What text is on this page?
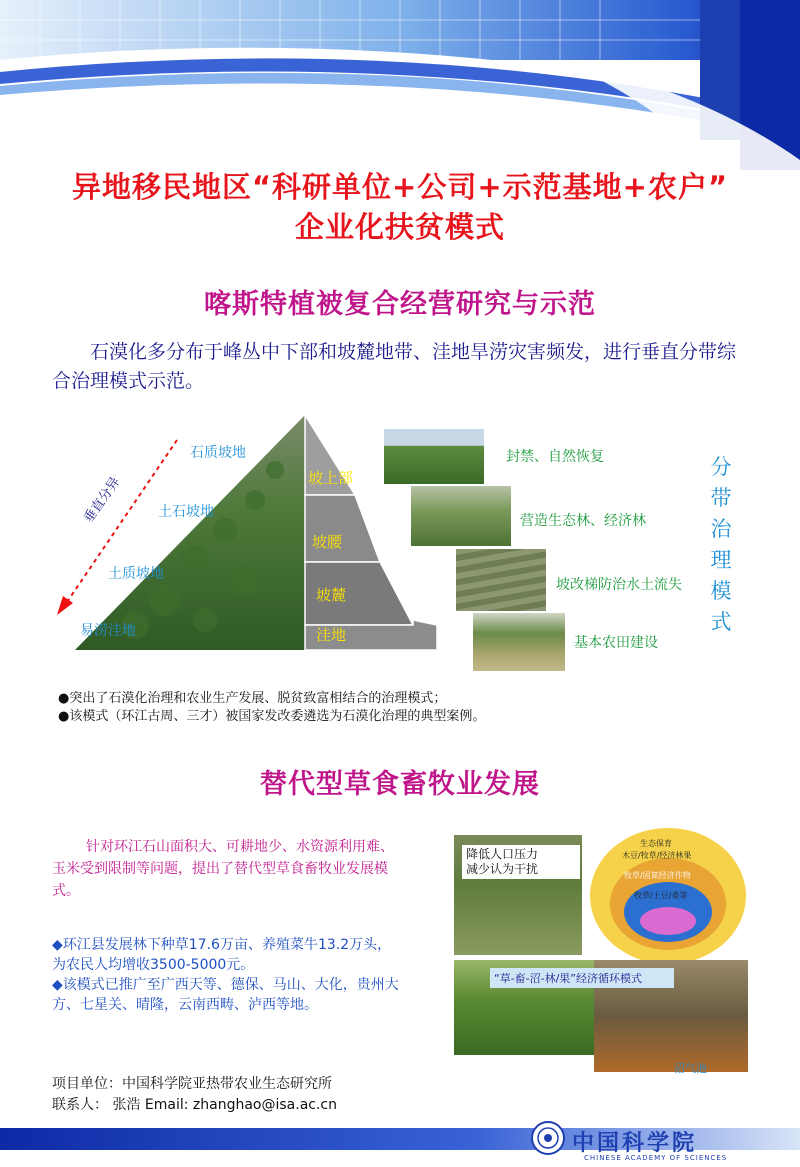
异地移民地区“科研单位+公司+示范基地+农户”
企业化扶贫模式
喀斯特植被复合经营研究与示范
石漠化多分布于峰丛中下部和坡麓地带、洼地旱涝灾害频发，进行垂直分带综合治理模式示范。
石质坡地
土石坡地
土质坡地
易涝洼地
垂直分异	坡上部
坡腰
坡麓
洼地
封禁、自然恢复
营造生态林、经济林
坡改梯防治水土流失
基本农田建设
分
带
治
理
模
式
●突出了石漠化治理和农业生产发展、脱贫致富相结合的治理模式；
●该模式（环江古周、三才）被国家发改委遴选为石漠化治理的典型案例。
替代型草食畜牧业发展
针对环江石山面积大、可耕地少、水资源利用难、玉米受到限制等问题，提出了替代型草食畜牧业发展模式。
◆环江县发展林下种草17.6万亩、养殖菜牛13.2万头，为农民人均增收3500-5000元。
◆该模式已推广至广西天等、德保、马山、大化，贵州大方、七星关、晴隆，云南西畴、泸西等地。
降低人口压力
减少认为干扰
生态保育
木豆/牧草/经济林果
牧草/固氮经济作物
牧草/土豆/桑等
“草-畜-沼-林/果”经济循环模式
沼气池
项目单位：中国科学院亚热带农业生态研究所
联系人： 张浩 Email: zhanghao@isa.ac.cn
中国科学院
CHINESE ACADEMY OF SCIENCES
